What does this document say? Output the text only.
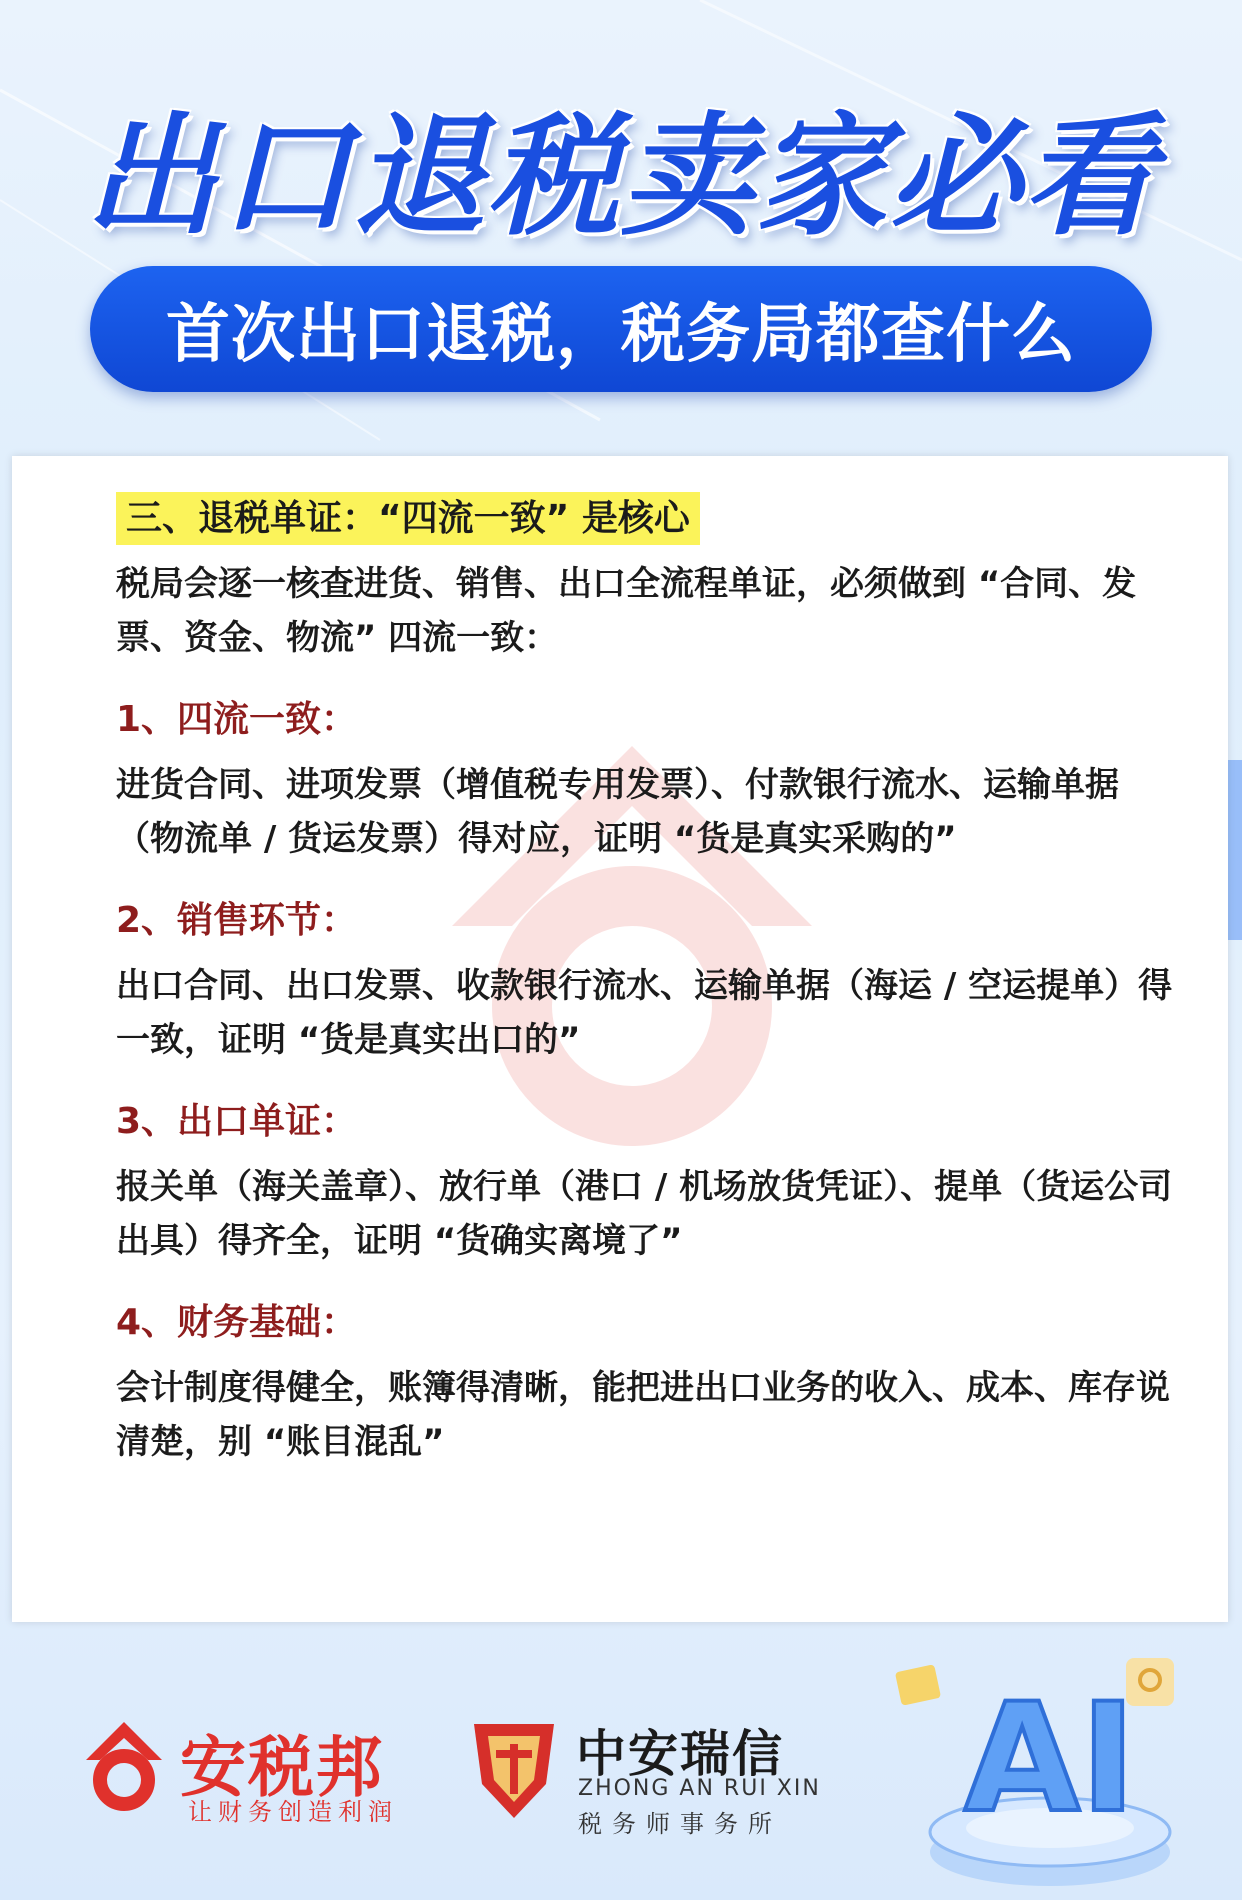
出口退税卖家必看
首次出口退税，税务局都查什么
三、退税单证：“四流一致” 是核心
税局会逐一核查进货、销售、出口全流程单证，必须做到 “合同、发票、资金、物流” 四流一致：
1、四流一致：
进货合同、进项发票（增值税专用发票）、付款银行流水、运输单据（物流单 / 货运发票）得对应，证明 “货是真实采购的”
2、销售环节：
出口合同、出口发票、收款银行流水、运输单据（海运 / 空运提单）得一致，证明 “货是真实出口的”
3、出口单证：
报关单（海关盖章）、放行单（港口 / 机场放货凭证）、提单（货运公司出具）得齐全，证明 “货确实离境了”
4、财务基础：
会计制度得健全，账簿得清晰，能把进出口业务的收入、成本、库存说清楚，别 “账目混乱”
安税邦
让财务创造利润
中安瑞信
ZHONG AN RUI XIN
税务师事务所 AI
